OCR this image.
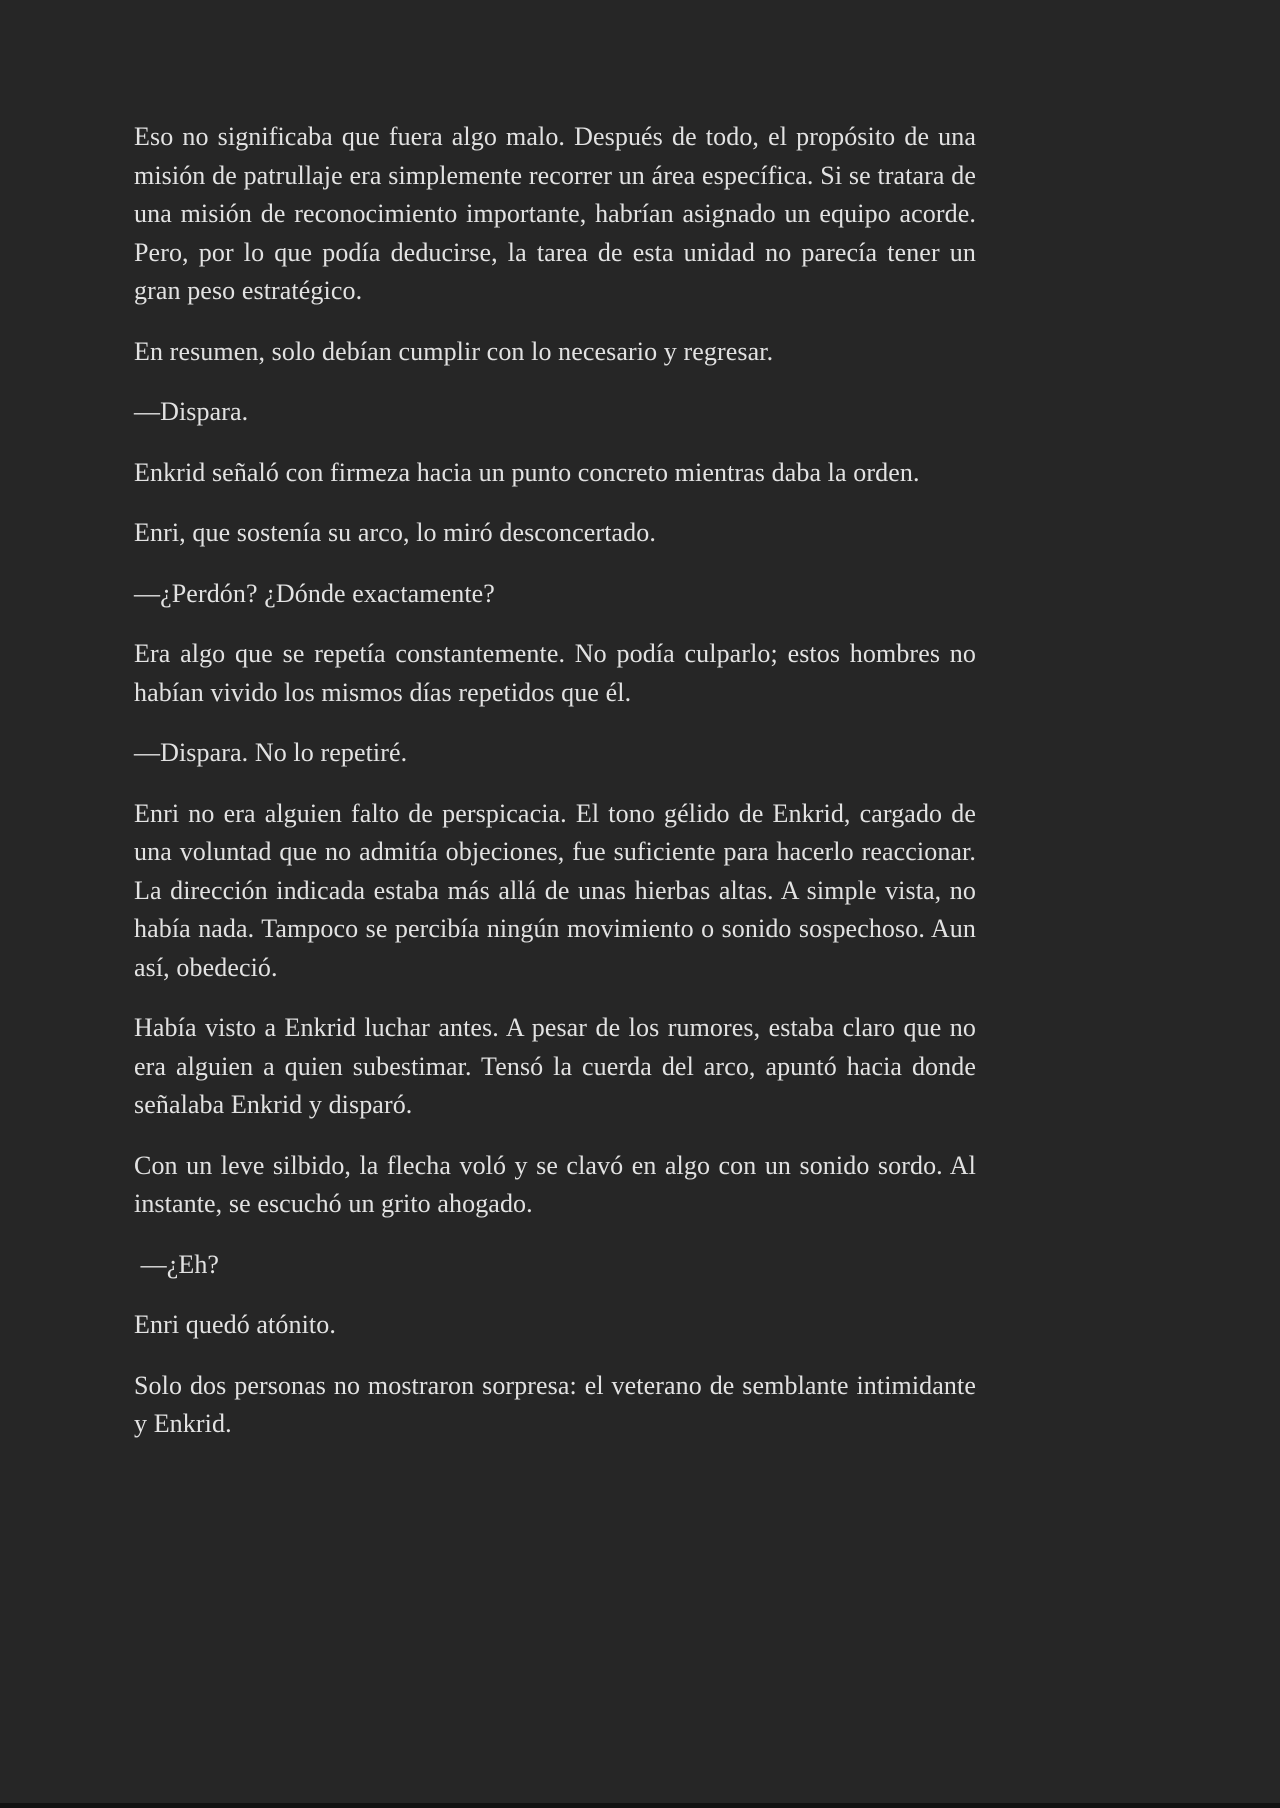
Eso no significaba que fuera algo malo. Después de todo, el propósito de una misión de patrullaje era simplemente recorrer un área específica. Si se tratara de una misión de reconocimiento importante, habrían asignado un equipo acorde. Pero, por lo que podía deducirse, la tarea de esta unidad no parecía tener un gran peso estratégico.

En resumen, solo debían cumplir con lo necesario y regresar.

—Dispara.

Enkrid señaló con firmeza hacia un punto concreto mientras daba la orden.

Enri, que sostenía su arco, lo miró desconcertado.

—¿Perdón? ¿Dónde exactamente?

Era algo que se repetía constantemente. No podía culparlo; estos hombres no habían vivido los mismos días repetidos que él.

—Dispara. No lo repetiré.

Enri no era alguien falto de perspicacia. El tono gélido de Enkrid, cargado de una voluntad que no admitía objeciones, fue suficiente para hacerlo reaccionar. La dirección indicada estaba más allá de unas hierbas altas. A simple vista, no había nada. Tampoco se percibía ningún movimiento o sonido sospechoso. Aun así, obedeció.

Había visto a Enkrid luchar antes. A pesar de los rumores, estaba claro que no era alguien a quien subestimar. Tensó la cuerda del arco, apuntó hacia donde señalaba Enkrid y disparó.

Con un leve silbido, la flecha voló y se clavó en algo con un sonido sordo. Al instante, se escuchó un grito ahogado.

—¿Eh?

Enri quedó atónito.

Solo dos personas no mostraron sorpresa: el veterano de semblante intimidante y Enkrid.
